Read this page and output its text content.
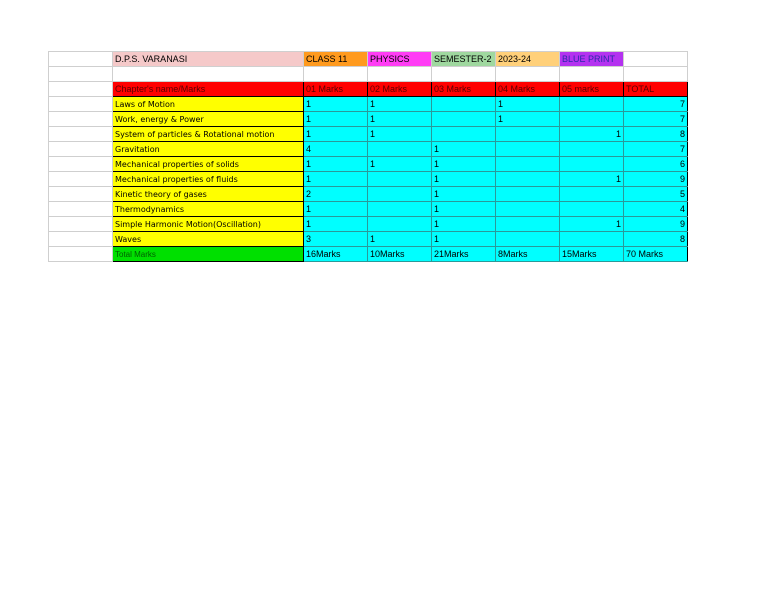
	D.P.S. VARANASI	CLASS 11	PHYSICS	SEMESTER-2	2023-24	BLUE PRINT	

	Chapter's name/Marks	01 Marks	02 Marks	03 Marks	04 Marks	05 marks	TOTAL
	Laws of Motion	1	1		1		7
	Work, energy & Power	1	1		1		7
	System of particles & Rotational motion	1	1			1	8
	Gravitation	4		1			7
	Mechanical properties of solids	1	1	1			6
	Mechanical properties of fluids	1		1		1	9
	Kinetic theory of gases	2		1			5
	Thermodynamics	1		1			4
	Simple Harmonic Motion(Oscillation)	1		1		1	9
	Waves	3	1	1			8
	Total Marks	16Marks	10Marks	21Marks	8Marks	15Marks	70 Marks
